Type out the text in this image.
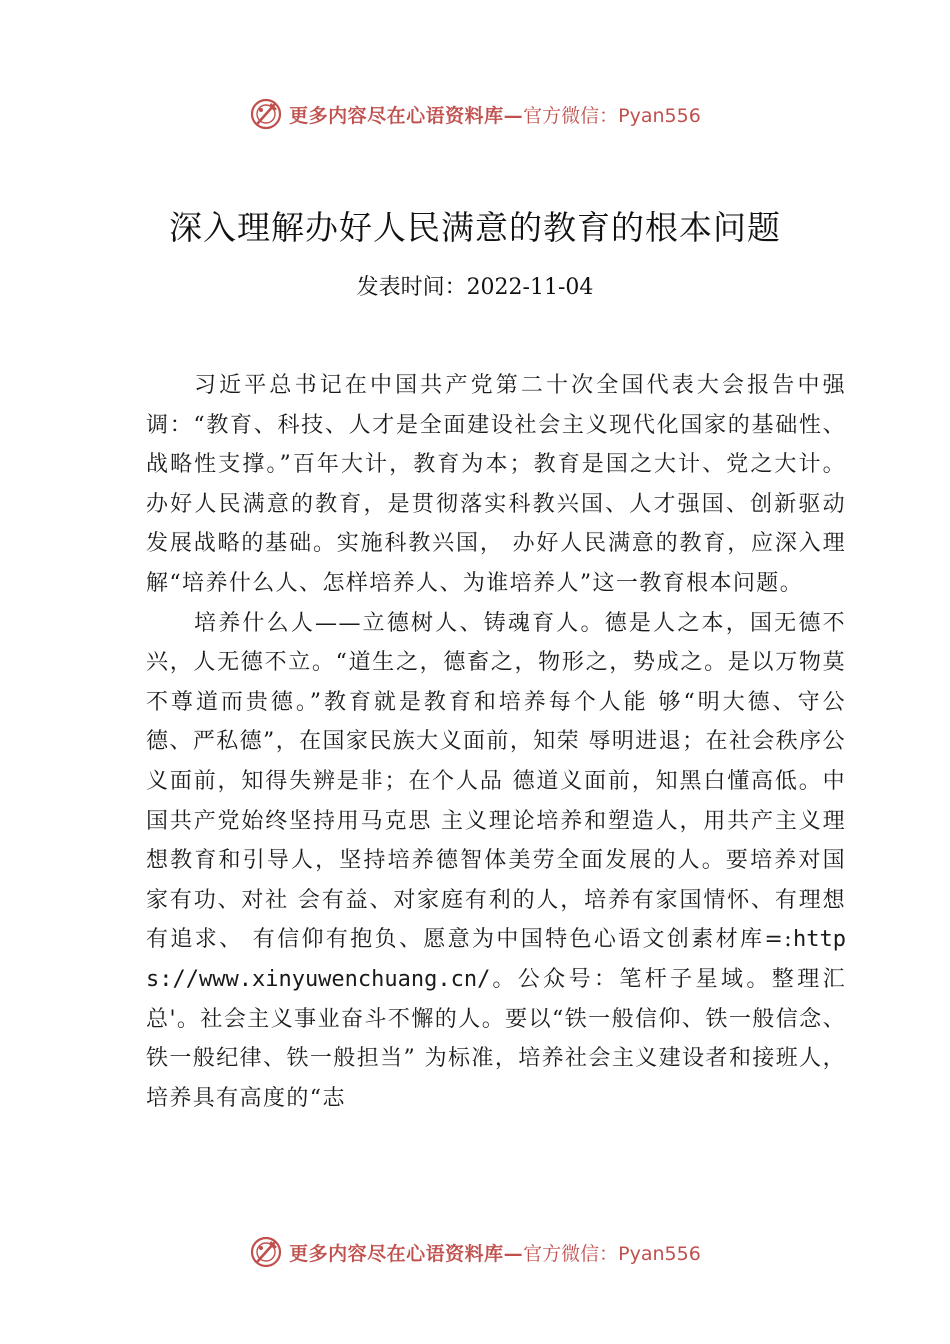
更多内容尽在心语资料库— 官方微信：Pyan556
深入理解办好人民满意的教育的根本问题
发表时间：2022-11-04

习近平总书记在中国共产党第二十次全国代表大会报告中强调：“教育、科技、人才是全面建设社会主义现代化国家的基础性、战略性支撑。”百年大计，教育为本；教育是国之大计、党之大计。办好人民满意的教育，是贯彻落实科教兴国、人才强国、创新驱动发展战略的基础。实施科教兴国， 办好人民满意的教育，应深入理解“培养什么人、怎样培养人、为谁培养人”这一教育根本问题。

培养什么人——立德树人、铸魂育人。德是人之本，国无德不兴，人无德不立。“道生之，德畜之，物形之，势成之。是以万物莫不尊道而贵德。”教育就是教育和培养每个人能 够“明大德、守公德、严私德”，在国家民族大义面前，知荣 辱明进退；在社会秩序公义面前，知得失辨是非；在个人品 德道义面前，知黑白懂高低。中国共产党始终坚持用马克思 主义理论培养和塑造人，用共产主义理想教育和引导人，坚持培养德智体美劳全面发展的人。要培养对国家有功、对社 会有益、对家庭有利的人，培养有家国情怀、有理想有追求、 有信仰有抱负、愿意为中国特色心语文创素材库=:https://www.xinyuwenchuang.cn/。公众号：笔杆子星域。整理汇总'。社会主义事业奋斗不懈的人。要以“铁一般信仰、铁一般信念、铁一般纪律、铁一般担当” 为标准，培养社会主义建设者和接班人，培养具有高度的“志

更多内容尽在心语资料库— 官方微信：Pyan556
